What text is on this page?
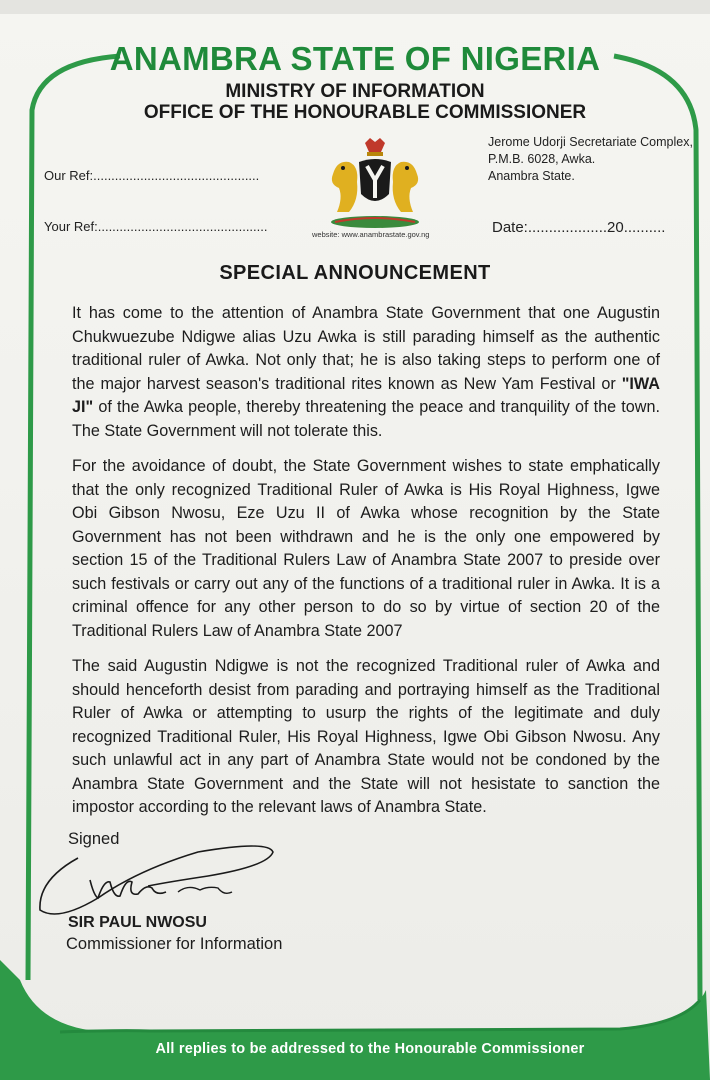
ANAMBRA STATE OF NIGERIA
MINISTRY OF INFORMATION
OFFICE OF THE HONOURABLE COMMISSIONER
Jerome Udorji Secretariate Complex,
P.M.B. 6028, Awka.
Anambra State.
Our Ref:..............................................
Your Ref:...............................................	Date:...................20..........
website: www.anambrastate.gov.ng
SPECIAL ANNOUNCEMENT

It has come to the attention of Anambra State Government that one Augustin Chukwuezube Ndigwe alias Uzu Awka is still parading himself as the authentic traditional ruler of Awka. Not only that; he is also taking steps to perform one of the major harvest season's traditional rites known as New Yam Festival or "IWA JI" of the Awka people, thereby threatening the peace and tranquility of the town. The State Government will not tolerate this.

For the avoidance of doubt, the State Government wishes to state emphatically that the only recognized Traditional Ruler of Awka is His Royal Highness, Igwe Obi Gibson Nwosu, Eze Uzu II of Awka whose recognition by the State Government has not been withdrawn and he is the only one empowered by section 15 of the Traditional Rulers Law of Anambra State 2007 to preside over such festivals or carry out any of the functions of a traditional ruler in Awka. It is a criminal offence for any other person to do so by virtue of section 20 of the Traditional Rulers Law of Anambra State 2007

The said Augustin Ndigwe is not the recognized Traditional ruler of Awka and should henceforth desist from parading and portraying himself as the Traditional Ruler of Awka or attempting to usurp the rights of the legitimate and duly recognized Traditional Ruler, His Royal Highness, Igwe Obi Gibson Nwosu. Any such unlawful act in any part of Anambra State would not be condoned by the Anambra State Government and the State will not hesistate to sanction the impostor according to the relevant laws of Anambra State.

Signed
SIR PAUL NWOSU
Commissioner for Information
All replies to be addressed to the Honourable Commissioner
